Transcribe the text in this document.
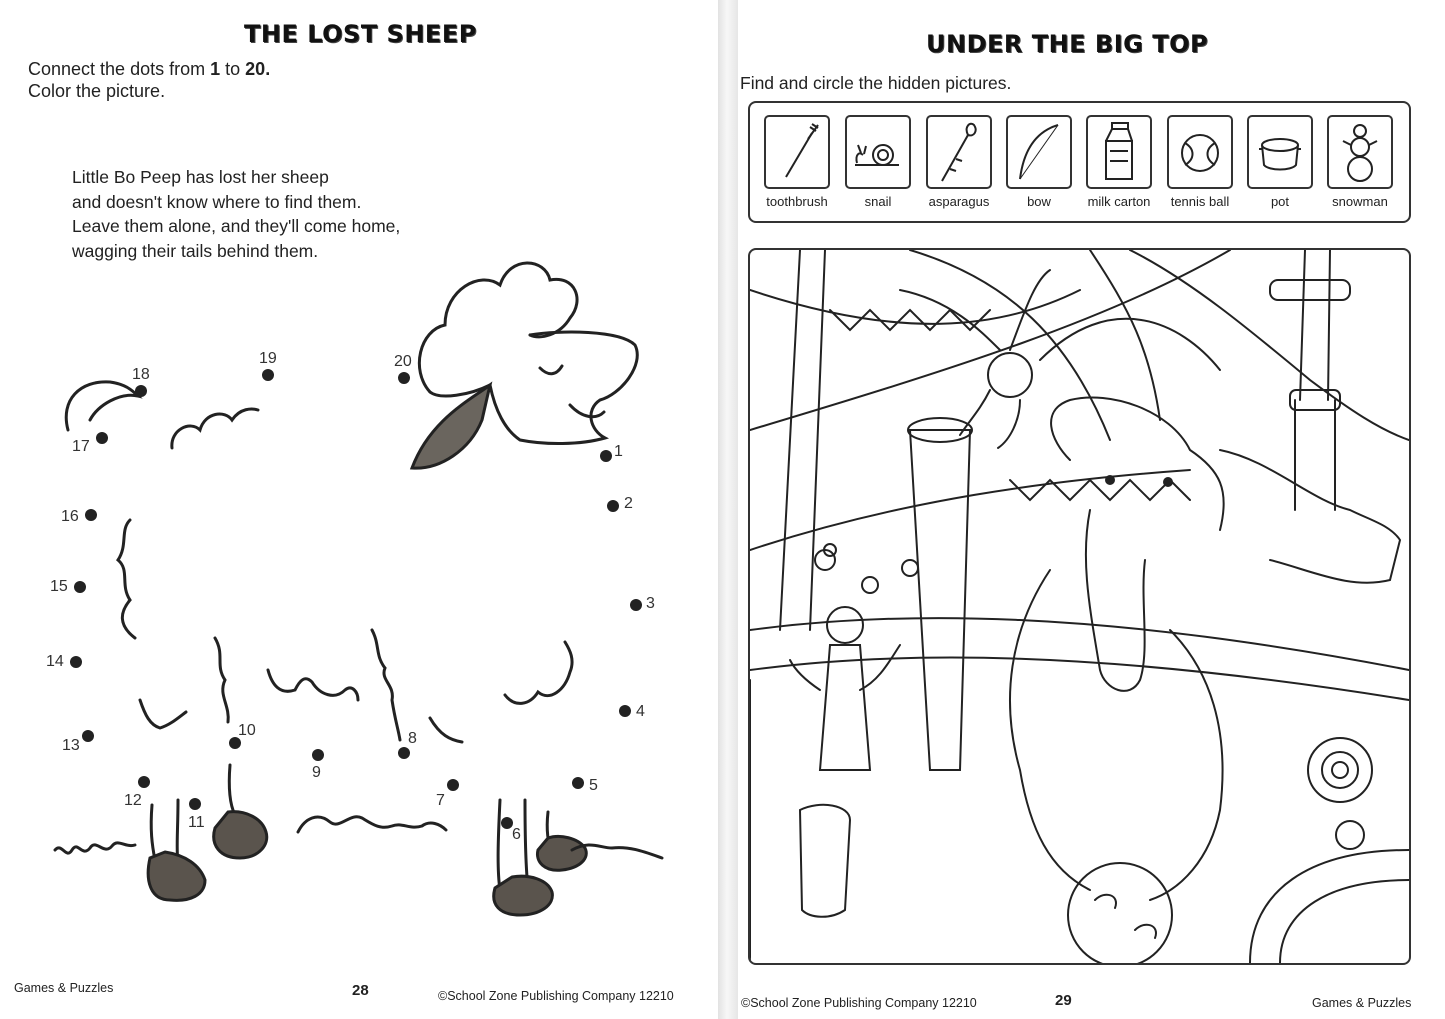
THE LOST SHEEP
Connect the dots from 1 to 20.
Color the picture.
Little Bo Peep has lost her sheep
and doesn't know where to find them.
Leave them alone, and they'll come home,
wagging their tails behind them.
1
2
3
4
5
6
7
8
9
10
11
12
13
14
15
16
17
18
19	20
Games & Puzzles	28	©School Zone Publishing Company 12210
UNDER THE BIG TOP
Find and circle the hidden pictures.
toothbrush	snail	asparagus	bow	milk carton tennis ball	pot	snowman
©School Zone Publishing Company 12210	29	Games & Puzzles
